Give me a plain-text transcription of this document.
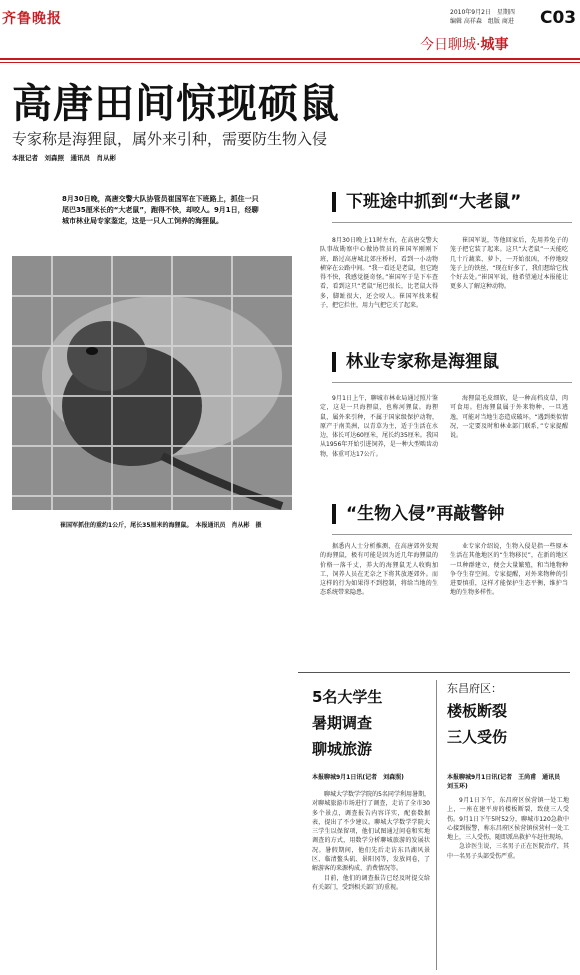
齐鲁晚报	2010年9月2日　星期四
编辑 高祥森　组版 商进	C03
今日聊城·城事
高唐田间惊现硕鼠
专家称是海狸鼠，属外来引种，需要防生物入侵
本报记者　刘森照　通讯员　肖从彬
8月30日晚，高唐交警大队协管员崔国军在下班路上，抓住一只尾巴35厘米长的“大老鼠”，跑得不快，却咬人。9月1日，经聊城市林业局专家鉴定，这是一只人工饲养的海狸鼠。
崔国军抓住的重约1公斤，尾长35厘米的海狸鼠。　本报通讯员　肖从彬　摄
下班途中抓到“大老鼠”

8月30日晚上11时左右，在高唐交警大队事故勘察中心做协管员的崔国军刚刚下班，路过高唐城北郊庄桥村，看到一小动物横穿在公路中间。“我一看还是老鼠，但它跑得不快，我感觉挺奇怪。”崔国军于是下车查看，看到这只“老鼠”尾巴很长，比老鼠大得多，脚趾很大，还会咬人。崔国军找来棍子，把它拦住，用力气把它关了起来。

崔国军说，等他回家后，先用养兔子的笼子把它装了起来。这只“大老鼠”一天能吃几十斤蔬菜、萝卜，一开始很凶，不停地咬笼子上的铁丝，“现在好多了，我们想给它找个好去处。”崔国军说，他希望通过本报能让更多人了解这种动物。

林业专家称是海狸鼠

9月1日上午，聊城市林业局通过照片鉴定，这是一只海狸鼠，也称河狸鼠。海狸鼠，属外来引种，不属于国家级保护动物，原产于南美洲，以青草为主，适于生活在水边，体长可达60厘米，尾长约35厘米。我国从1956年开始引进饲养，是一种大型啮齿动物，体重可达17公斤。

海狸鼠毛皮细软，是一种高档皮草，肉可食用。但海狸鼠属于外来物种，一旦逃逸，可能对当地生态造成破坏。“遇到类似情况，一定要及时和林业部门联系，”专家提醒说。

“生物入侵”再敲警钟

据悉内人士分析推测，在高唐郊外发现的海狸鼠，极有可能是因为近几年海狸鼠的价格一落千丈，养大的海狸鼠无人收购加工，饲养人员在无奈之下将其放逐郊外。而这样的行为如果得不到控制，将给当地的生态系统带来隐患。

业专家介绍说，生物入侵是指一些原本生活在其他地区的“生物移民”，在新的地区一旦种群建立，便会大量繁殖，和当地物种争夺生存空间。专家提醒，对外来物种的引进要慎重，这样才能保护生态平衡，维护当地的生物多样性。

5名大学生
暑期调查
聊城旅游
本报聊城9月1日讯(记者　刘森照)

聊城大学数学学院的5名同学利用暑期，对聊城旅游市场进行了调查，走访了全市30多个景点，调查报告内容详实，配套数据表，提出了不少建议。聊城大学数学学院大三学生以保留项，他们试图通过问卷和实地调查的方式，用数学分析聊城旅游的发展状况。暑假期间，他们先后走访东昌湖风景区、临清鳌头矶、景阳冈等，发放问卷，了解游客的来源构成、消费情况等。

目前，他们的调查报告已经及时提交给有关部门，受到相关部门的重视。

东昌府区：
楼板断裂
三人受伤
本报聊城9月1日讯(记者　王尚甫　通讯员　刘玉环)

9月1日下午，东昌府区侯营镇一处工地上，一座在建平房的楼板断裂，致使三人受伤。9月1日下午5时52分，聊城市120急救中心接到报警，称东昌府区侯营镇侯营村一处工地上，三人受伤，随即派出救护车赶往现场。

急诊医生说，三名男子正在医院治疗，其中一名男子头部受伤严重。
